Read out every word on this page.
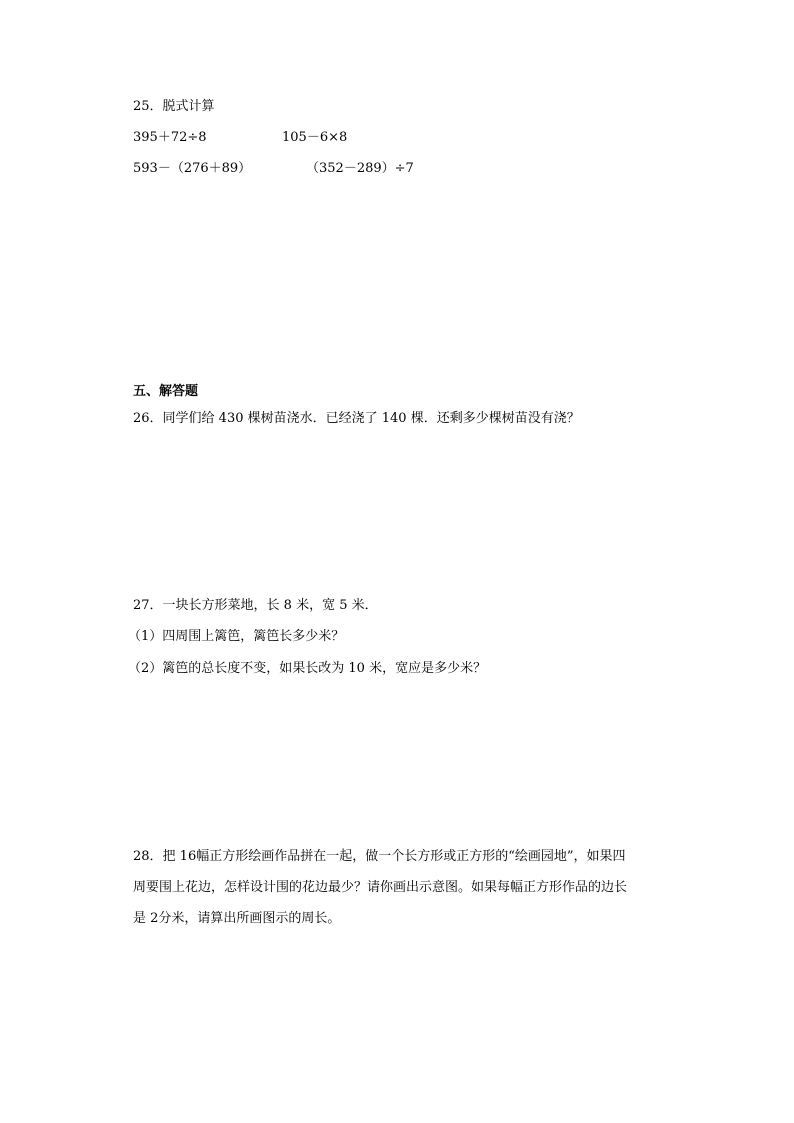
25．脱式计算
395＋72÷8	105－6×8
593－（276＋89）	（352－289）÷7
五、解答题
26．同学们给 430 棵树苗浇水．已经浇了 140 棵．还剩多少棵树苗没有浇？
27．一块长方形菜地，长 8 米，宽 5 米．
（1）四周围上篱笆，篱笆长多少米？
（2）篱笆的总长度不变，如果长改为 10 米，宽应是多少米？
28．把 16幅正方形绘画作品拼在一起，做一个长方形或正方形的“绘画园地”，如果四
周要围上花边，怎样设计围的花边最少？请你画出示意图。如果每幅正方形作品的边长
是 2分米，请算出所画图示的周长。
